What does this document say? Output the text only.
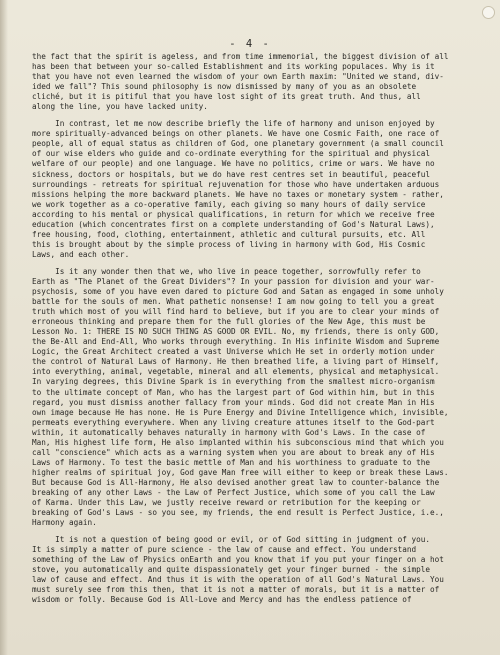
- 4 -

the fact that the spirit is ageless, and from time immemorial, the biggest division of all
has been that between your so-called Establishment and its working populaces. Why is it
that you have not even learned the wisdom of your own Earth maxim: "United we stand, div-
ided we fall"? This sound philosophy is now dismissed by many of you as an obsolete
cliché, but it is pitiful that you have lost sight of its great truth. And thus, all
along the line, you have lacked unity.

In contrast, let me now describe briefly the life of harmony and unison enjoyed by
more spiritually-advanced beings on other planets. We have one Cosmic Faith, one race of
people, all of equal status as children of God, one planetary government (a small council
of our wise elders who guide and co-ordinate everything for the spiritual and physical
welfare of our people) and one language. We have no politics, crime or wars. We have no
sickness, doctors or hospitals, but we do have rest centres set in beautiful, peaceful
surroundings - retreats for spiritual rejuvenation for those who have undertaken arduous
missions helping the more backward planets. We have no taxes or monetary system - rather,
we work together as a co-operative family, each giving so many hours of daily service
according to his mental or physical qualifications, in return for which we receive free
education (which concentrates first on a complete understanding of God's Natural Laws),
free housing, food, clothing, entertainment, athletic and cultural pursuits, etc. All
this is brought about by the simple process of living in harmony with God, His Cosmic
Laws, and each other.

Is it any wonder then that we, who live in peace together, sorrowfully refer to
Earth as "The Planet of the Great Dividers"? In your passion for division and your war-
psychosis, some of you have even dared to picture God and Satan as engaged in some unholy
battle for the souls of men. What pathetic nonsense! I am now going to tell you a great
truth which most of you will find hard to believe, but if you are to clear your minds of
erroneous thinking and prepare them for the full glories of the New Age, this must be
Lesson No. 1: THERE IS NO SUCH THING AS GOOD OR EVIL. No, my friends, there is only GOD,
the Be-All and End-All, Who works through everything. In His infinite Wisdom and Supreme
Logic, the Great Architect created a vast Universe which He set in orderly motion under
the control of Natural Laws of Harmony. He then breathed life, a living part of Himself,
into everything, animal, vegetable, mineral and all elements, physical and metaphysical.
In varying degrees, this Divine Spark is in everything from the smallest micro-organism
to the ultimate concept of Man, who has the largest part of God within him, but in this
regard, you must dismiss another fallacy from your minds. God did not create Man in His
own image because He has none. He is Pure Energy and Divine Intelligence which, invisible,
permeats everything everywhere. When any living creature attunes itself to the God-part
within, it automatically behaves naturally in harmony with God's Laws. In the case of
Man, His highest life form, He also implanted within his subconscious mind that which you
call "conscience" which acts as a warning system when you are about to break any of His
Laws of Harmony. To test the basic mettle of Man and his worthiness to graduate to the
higher realms of spiritual joy, God gave Man free will either to keep or break these Laws.
But because God is All-Harmony, He also devised another great law to counter-balance the
breaking of any other Laws - the Law of Perfect Justice, which some of you call the Law
of Karma. Under this Law, we justly receive reward or retribution for the keeping or
breaking of God's Laws - so you see, my friends, the end result is Perfect Justice, i.e.,
Harmony again.

It is not a question of being good or evil, or of God sitting in judgment of you.
It is simply a matter of pure science - the law of cause and effect. You understand
something of the Law of Physics onEarth and you know that if you put your finger on a hot
stove, you automatically and quite dispassionately get your finger burned - the simple
law of cause and effect. And thus it is with the operation of all God's Natural Laws. You
must surely see from this then, that it is not a matter of morals, but it is a matter of
wisdom or folly. Because God is All-Love and Mercy and has the endless patience of
